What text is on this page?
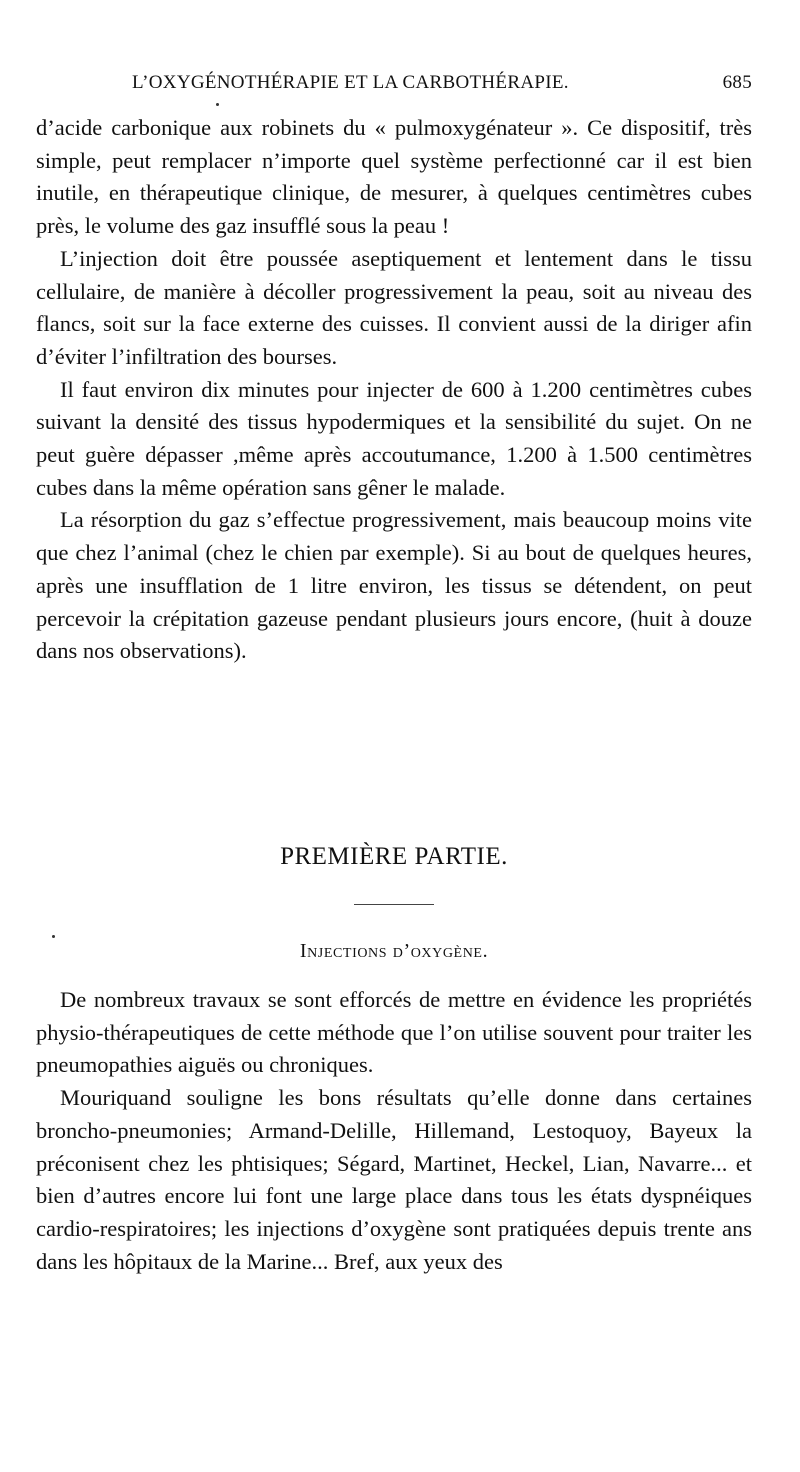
L’OXYGÉNOTHÉRAPIE ET LA CARBOTHÉRAPIE.	685

d’acide carbonique aux robinets du « pulmoxygénateur ». Ce dispositif, très simple, peut remplacer n’importe quel système perfectionné car il est bien inutile, en thérapeutique clinique, de mesurer, à quelques centimètres cubes près, le volume des gaz insufflé sous la peau !

L’injection doit être poussée aseptiquement et lentement dans le tissu cellulaire, de manière à décoller progressivement la peau, soit au niveau des flancs, soit sur la face externe des cuisses. Il convient aussi de la diriger afin d’éviter l’infiltration des bourses.

Il faut environ dix minutes pour injecter de 600 à 1.200 centimètres cubes suivant la densité des tissus hypodermiques et la sensibilité du sujet. On ne peut guère dépasser ,même après accoutumance, 1.200 à 1.500 centimètres cubes dans la même opération sans gêner le malade.

La résorption du gaz s’effectue progressivement, mais beaucoup moins vite que chez l’animal (chez le chien par exemple). Si au bout de quelques heures, après une insufflation de 1 litre environ, les tissus se détendent, on peut percevoir la crépitation gazeuse pendant plusieurs jours encore, (huit à douze dans nos observations).

PREMIÈRE PARTIE.
Injections d’oxygène.

De nombreux travaux se sont efforcés de mettre en évidence les propriétés physio-thérapeutiques de cette méthode que l’on utilise souvent pour traiter les pneumopathies aiguës ou chroniques.

Mouriquand souligne les bons résultats qu’elle donne dans certaines broncho-pneumonies; Armand-Delille, Hillemand, Lestoquoy, Bayeux la préconisent chez les phtisiques; Ségard, Martinet, Heckel, Lian, Navarre... et bien d’autres encore lui font une large place dans tous les états dyspnéiques cardio-respiratoires; les injections d’oxygène sont pratiquées depuis trente ans dans les hôpitaux de la Marine... Bref, aux yeux des
